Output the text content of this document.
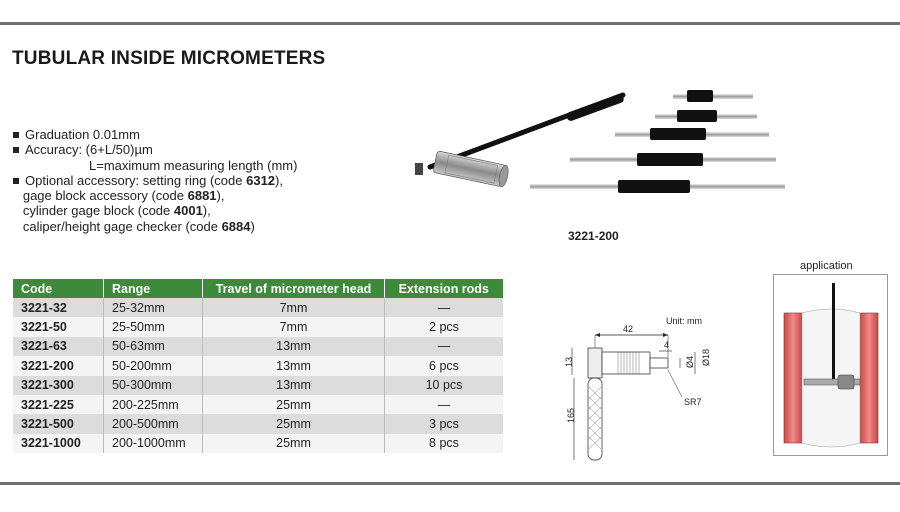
TUBULAR INSIDE MICROMETERS
Graduation 0.01mm
Accuracy: (6+L/50)µm
L=maximum measuring length (mm)
Optional accessory: setting ring (code 6312),
gage block accessory (code 6881),
cylinder gage block (code 4001),
caliper/height gage checker (code 6884)
3221-200
Code	Range	Travel of micrometer head	Extension rods
3221-32	25-32mm	7mm	—
3221-50	25-50mm	7mm	2 pcs
3221-63	50-63mm	13mm	—
3221-200	50-200mm	13mm	6 pcs
3221-300	50-300mm	13mm	10 pcs
3221-225	200-225mm	25mm	—
3221-500	200-500mm	25mm	3 pcs
3221-1000	200-1000mm	25mm	8 pcs
Unit: mm
42
4
13	Ø4 Ø18
SR7
165
application
